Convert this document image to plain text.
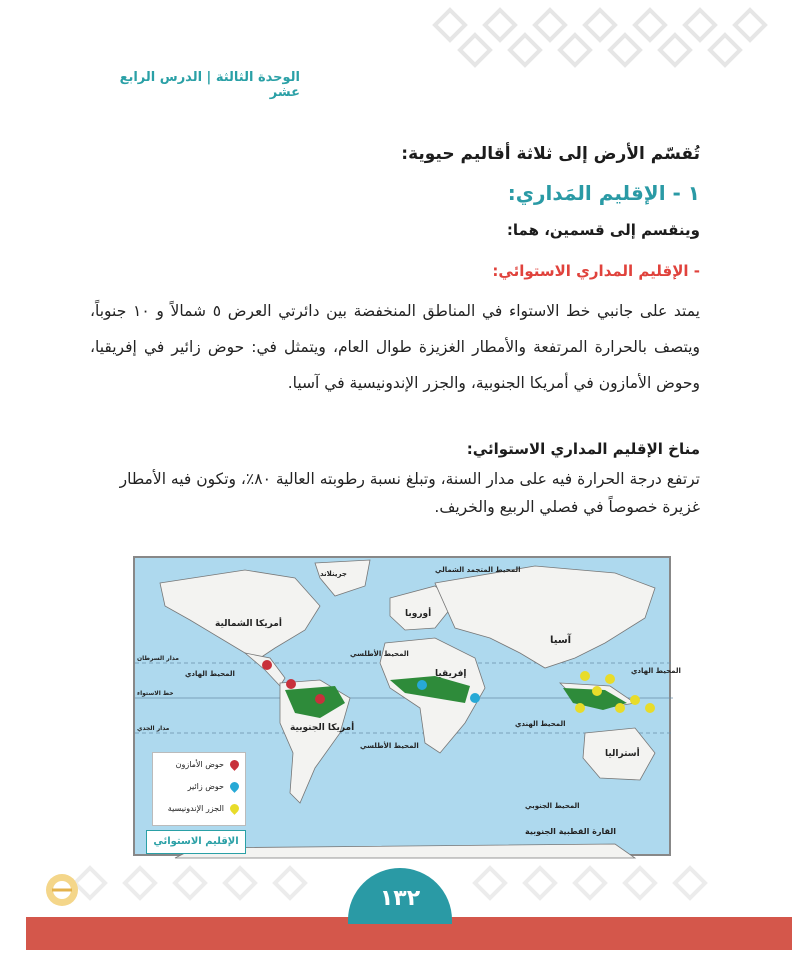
الوحدة الثالثة | الدرس الرابع عشر
تُقسّم الأرض إلى ثلاثة أقاليم حيوية:
١ - الإقليم المَداري:
وينقسم إلى قسمين، هما:
- الإقليم المداري الاستوائي:
يمتد على جانبي خط الاستواء في المناطق المنخفضة بين دائرتي العرض ٥ شمالاً و ١٠ جنوباً، ويتصف بالحرارة المرتفعة والأمطار الغزيزة طوال العام، ويتمثل في: حوض زائير في إفريقيا، وحوض الأمازون في أمريكا الجنوبية، والجزر الإندونيسية في آسيا.
مناخ الإقليم المداري الاستوائي:
ترتفع درجة الحرارة فيه على مدار السنة، وتبلغ نسبة رطوبته العالية ٨٠٪، وتكون فيه الأمطار غزيرة خصوصاً في فصلي الربيع والخريف.
أمريكا الشمالية
أمريكا الجنوبية
أوروبا
آسيا
إفريقيا
أستراليا
جرينلاند	المحيط المتجمد الشمالي
المحيط الأطلسي
المحيط الأطلسي
المحيط الهادي	المحيط الهادي
المحيط الهندي
المحيط الجنوبي
القارة القطبية الجنوبية
مدار السرطان
خط الاستواء
مدار الجدي
حوض الأمازون
حوض زائير
الجزر الإندونيسية
الإقليم الاستوائي
١٣٢
